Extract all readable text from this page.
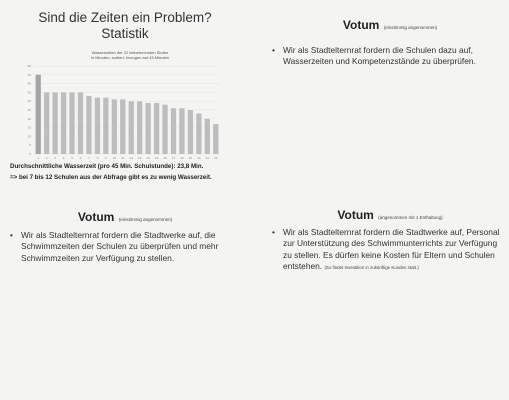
Sind die Zeiten ein Problem?
Statistik
Wasserzeiten der 22 teilnehmenden Stufen
in Minuten, sortiert, bezogen auf 45 Minuten
0
5
10
15
20
25
30
35
40
45
50
1 2 3 4 5 6 7 8 9 10 11 12 13 14 15 16 17 18 19 20 21 22
Durchschnittliche Wasserzeit (pro 45 Min. Schulstunde): 23,8 Min.
=> bei 7 bis 12 Schulen aus der Abfrage gibt es zu wenig Wasserzeit.
Votum (einstimmig angenommen)
• Wir als Stadtelternrat fordern die Schulen dazu auf, Wasserzeiten und Kompetenzstände zu überprüfen.
Votum (einstimmig angenommen)
• Wir als Stadtelternrat fordern die Stadtwerke auf, die Schwimmzeiten der Schulen zu überprüfen und mehr Schwimmzeiten zur Verfügung zu stellen.
Votum (angenommen mit 1 Enthaltung)
• Wir als Stadtelternrat fordern die Stadtwerke auf, Personal zur Unterstützung des Schwimmunterrichts zur Verfügung zu stellen. Es dürfen keine Kosten für Eltern und Schulen entstehen. (So findet Investition in zukünftige Kunden statt.)
